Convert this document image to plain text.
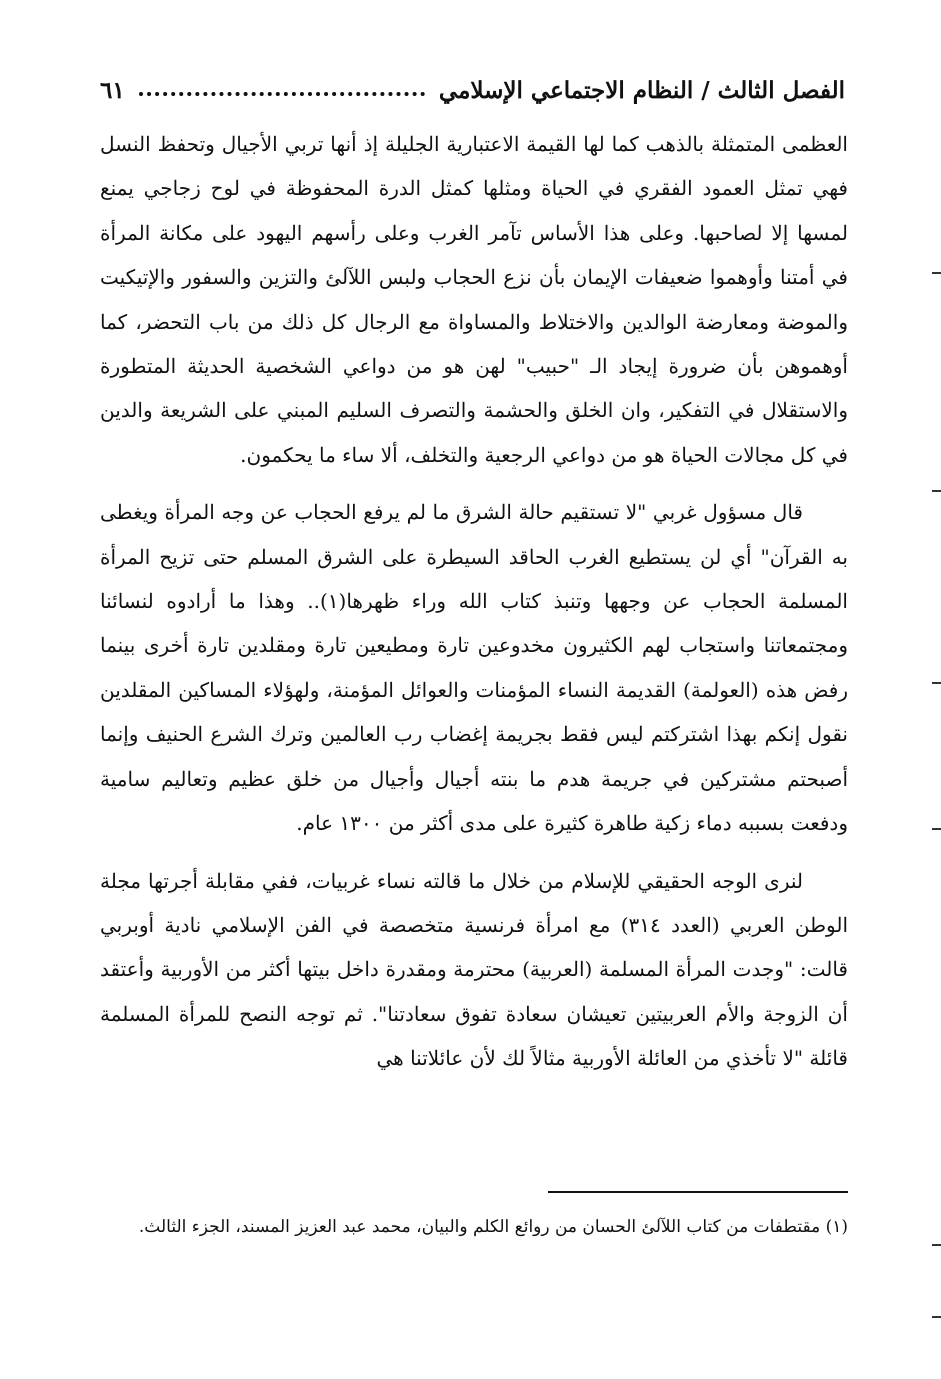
الفصل الثالث / النظام الاجتماعي الإسلامي
٦١

العظمى المتمثلة بالذهب كما لها القيمة الاعتبارية الجليلة إذ أنها تربي الأجيال وتحفظ النسل فهي تمثل العمود الفقري في الحياة ومثلها كمثل الدرة المحفوظة في لوح زجاجي يمنع لمسها إلا لصاحبها. وعلى هذا الأساس تآمر الغرب وعلى رأسهم اليهود على مكانة المرأة في أمتنا وأوهموا ضعيفات الإيمان بأن نزع الحجاب ولبس اللآلئ والتزين والسفور والإتيكيت والموضة ومعارضة الوالدين والاختلاط والمساواة مع الرجال كل ذلك من باب التحضر، كما أوهموهن بأن ضرورة إيجاد الـ "حبيب" لهن هو من دواعي الشخصية الحديثة المتطورة والاستقلال في التفكير، وان الخلق والحشمة والتصرف السليم المبني على الشريعة والدين في كل مجالات الحياة هو من دواعي الرجعية والتخلف، ألا ساء ما يحكمون.

قال مسؤول غربي "لا تستقيم حالة الشرق ما لم يرفع الحجاب عن وجه المرأة ويغطى به القرآن" أي لن يستطيع الغرب الحاقد السيطرة على الشرق المسلم حتى تزيح المرأة المسلمة الحجاب عن وجهها وتنبذ كتاب الله وراء ظهرها(١).. وهذا ما أرادوه لنسائنا ومجتمعاتنا واستجاب لهم الكثيرون مخدوعين تارة ومطيعين تارة ومقلدين تارة أخرى بينما رفض هذه (العولمة) القديمة النساء المؤمنات والعوائل المؤمنة، ولهؤلاء المساكين المقلدين نقول إنكم بهذا اشتركتم ليس فقط بجريمة إغضاب رب العالمين وترك الشرع الحنيف وإنما أصبحتم مشتركين في جريمة هدم ما بنته أجيال وأجيال من خلق عظيم وتعاليم سامية ودفعت بسببه دماء زكية طاهرة كثيرة على مدى أكثر من ١٣٠٠ عام.

لنرى الوجه الحقيقي للإسلام من خلال ما قالته نساء غربيات، ففي مقابلة أجرتها مجلة الوطن العربي (العدد ٣١٤) مع امرأة فرنسية متخصصة في الفن الإسلامي نادية أوبربي قالت: "وجدت المرأة المسلمة (العربية) محترمة ومقدرة داخل بيتها أكثر من الأوربية وأعتقد أن الزوجة والأم العربيتين تعيشان سعادة تفوق سعادتنا". ثم توجه النصح للمرأة المسلمة قائلة "لا تأخذي من العائلة الأوربية مثالاً لك لأن عائلاتنا هي

(١) مقتطفات من كتاب اللآلئ الحسان من روائع الكلم والبيان، محمد عبد العزيز المسند، الجزء الثالث.
